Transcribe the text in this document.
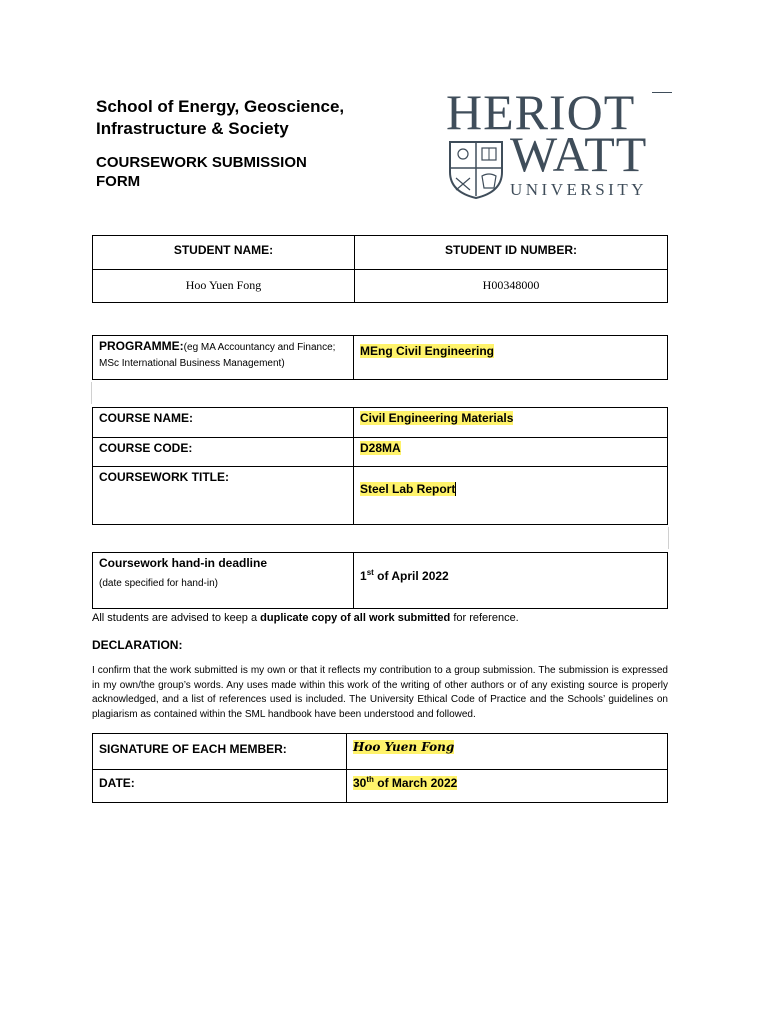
School of Energy, Geoscience,
Infrastructure & Society
COURSEWORK SUBMISSION
FORM
HERIOT
WATT
UNIVERSITY
STUDENT NAME:	STUDENT ID NUMBER:
Hoo Yuen Fong	H00348000
PROGRAMME:(eg MA Accountancy and Finance;
MSc International Business Management)	MEng Civil Engineering
COURSE NAME:	Civil Engineering Materials
COURSE CODE:	D28MA
COURSEWORK TITLE:	Steel Lab Report
Coursework hand-in deadline
(date specified for hand-in)
	1st of April 2022
All students are advised to keep a duplicate copy of all work submitted for reference.
DECLARATION:
I confirm that the work submitted is my own or that it reflects my contribution to a group submission. The submission is expressed in my own/the group’s words. Any uses made within this work of the writing of other authors or of any existing source is properly acknowledged, and a list of references used is included. The University Ethical Code of Practice and the Schools’ guidelines on plagiarism as contained within the SML handbook have been understood and followed.
SIGNATURE OF EACH MEMBER:	Hoo Yuen Fong
DATE:	30th of March 2022
